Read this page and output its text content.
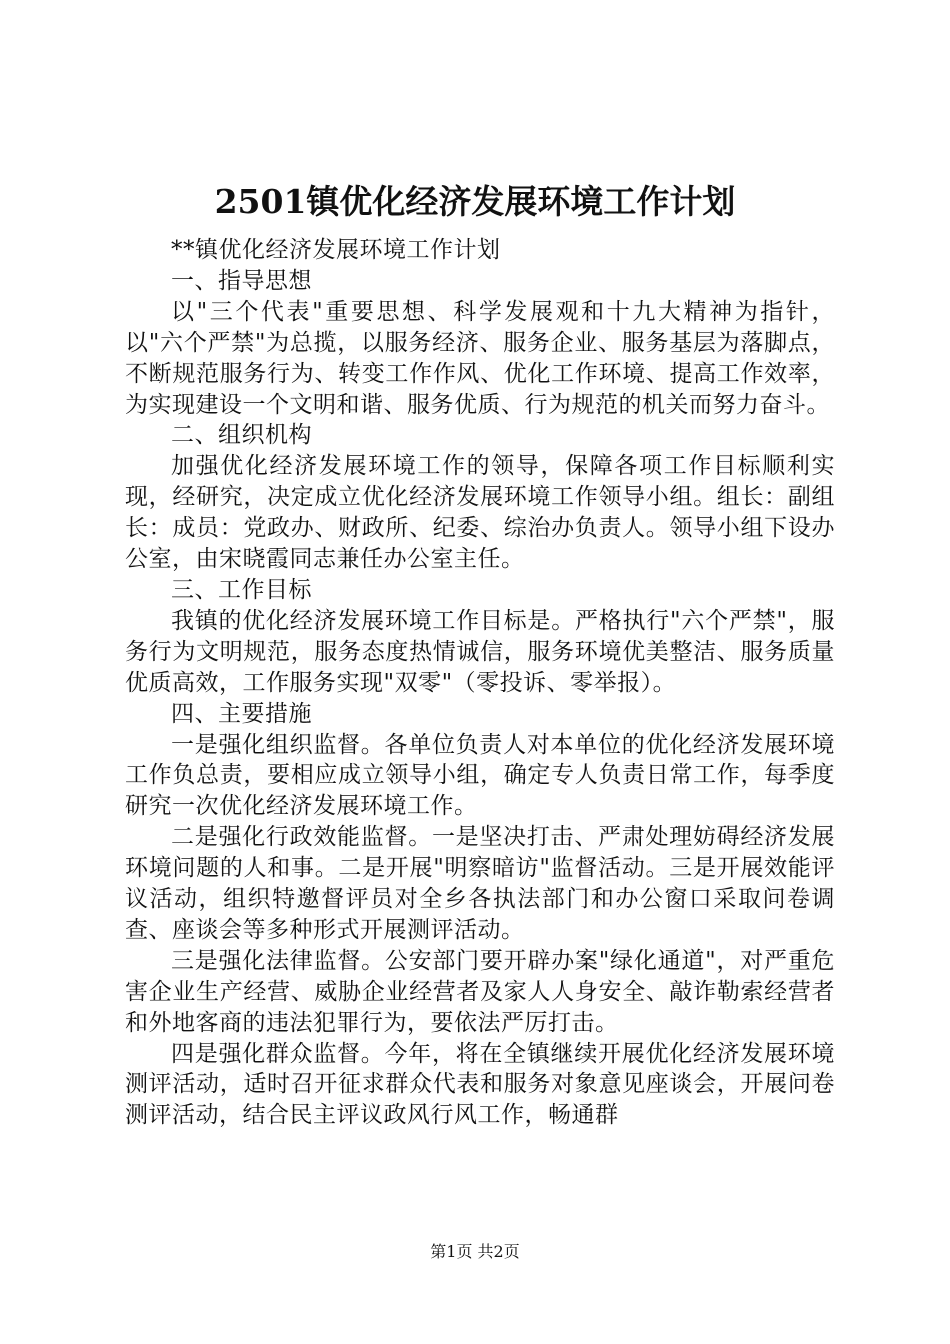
2501镇优化经济发展环境工作计划

**镇优化经济发展环境工作计划

一、指导思想

以"三个代表"重要思想、科学发展观和十九大精神为指针，以"六个严禁"为总揽，以服务经济、服务企业、服务基层为落脚点，不断规范服务行为、转变工作作风、优化工作环境、提高工作效率，为实现建设一个文明和谐、服务优质、行为规范的机关而努力奋斗。

二、组织机构

加强优化经济发展环境工作的领导，保障各项工作目标顺利实现，经研究，决定成立优化经济发展环境工作领导小组。组长：副组长：成员：党政办、财政所、纪委、综治办负责人。领导小组下设办公室，由宋晓霞同志兼任办公室主任。

三、工作目标

我镇的优化经济发展环境工作目标是。严格执行"六个严禁"，服务行为文明规范，服务态度热情诚信，服务环境优美整洁、服务质量优质高效，工作服务实现"双零"（零投诉、零举报）。

四、主要措施

一是强化组织监督。各单位负责人对本单位的优化经济发展环境工作负总责，要相应成立领导小组，确定专人负责日常工作，每季度研究一次优化经济发展环境工作。

二是强化行政效能监督。一是坚决打击、严肃处理妨碍经济发展环境问题的人和事。二是开展"明察暗访"监督活动。三是开展效能评议活动，组织特邀督评员对全乡各执法部门和办公窗口采取问卷调查、座谈会等多种形式开展测评活动。

三是强化法律监督。公安部门要开辟办案"绿化通道"，对严重危害企业生产经营、威胁企业经营者及家人人身安全、敲诈勒索经营者和外地客商的违法犯罪行为，要依法严厉打击。

四是强化群众监督。今年，将在全镇继续开展优化经济发展环境测评活动，适时召开征求群众代表和服务对象意见座谈会，开展问卷测评活动，结合民主评议政风行风工作，畅通群

第1页 共2页
